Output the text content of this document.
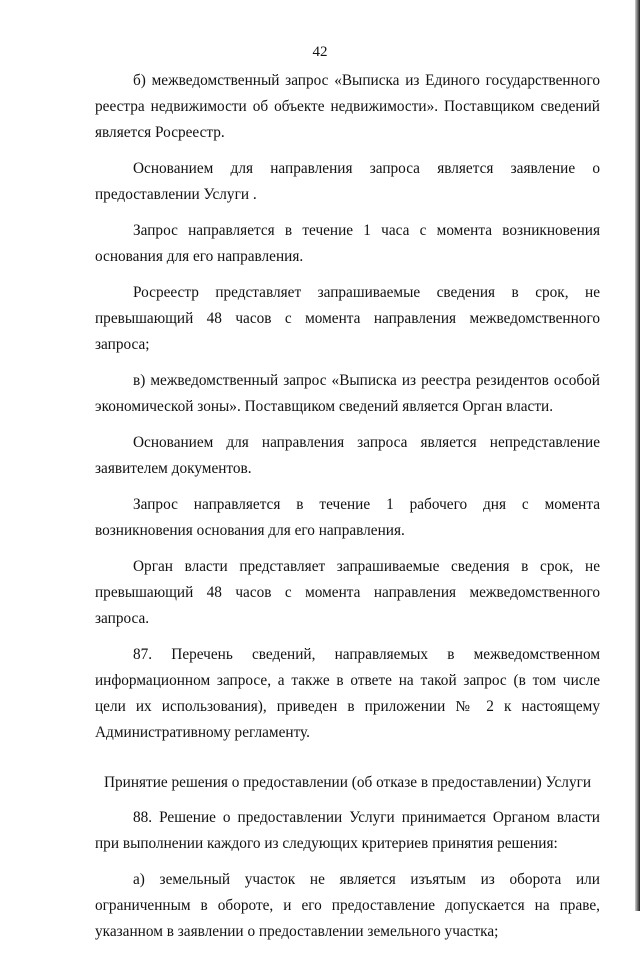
42

б) межведомственный запрос «Выписка из Единого государственного реестра недвижимости об объекте недвижимости». Поставщиком сведений является Росреестр.

Основанием для направления запроса является заявление о предоставлении Услуги .

Запрос направляется в течение 1 часа с момента возникновения основания для его направления.

Росреестр представляет запрашиваемые сведения в срок, не превышающий 48 часов с момента направления межведомственного запроса;

в) межведомственный запрос «Выписка из реестра резидентов особой экономической зоны». Поставщиком сведений является Орган власти.

Основанием для направления запроса является непредставление заявителем документов.

Запрос направляется в течение 1 рабочего дня с момента возникновения основания для его направления.

Орган власти представляет запрашиваемые сведения в срок, не превышающий 48 часов с момента направления межведомственного запроса.

87. Перечень сведений, направляемых в межведомственном информационном запросе, а также в ответе на такой запрос (в том числе цели их использования), приведен в приложении № 2 к настоящему Административному регламенту.

Принятие решения о предоставлении (об отказе в предоставлении) Услуги

88. Решение о предоставлении Услуги принимается Органом власти при выполнении каждого из следующих критериев принятия решения:

а) земельный участок не является изъятым из оборота или ограниченным в обороте, и его предоставление допускается на праве, указанном в заявлении о предоставлении земельного участка;
